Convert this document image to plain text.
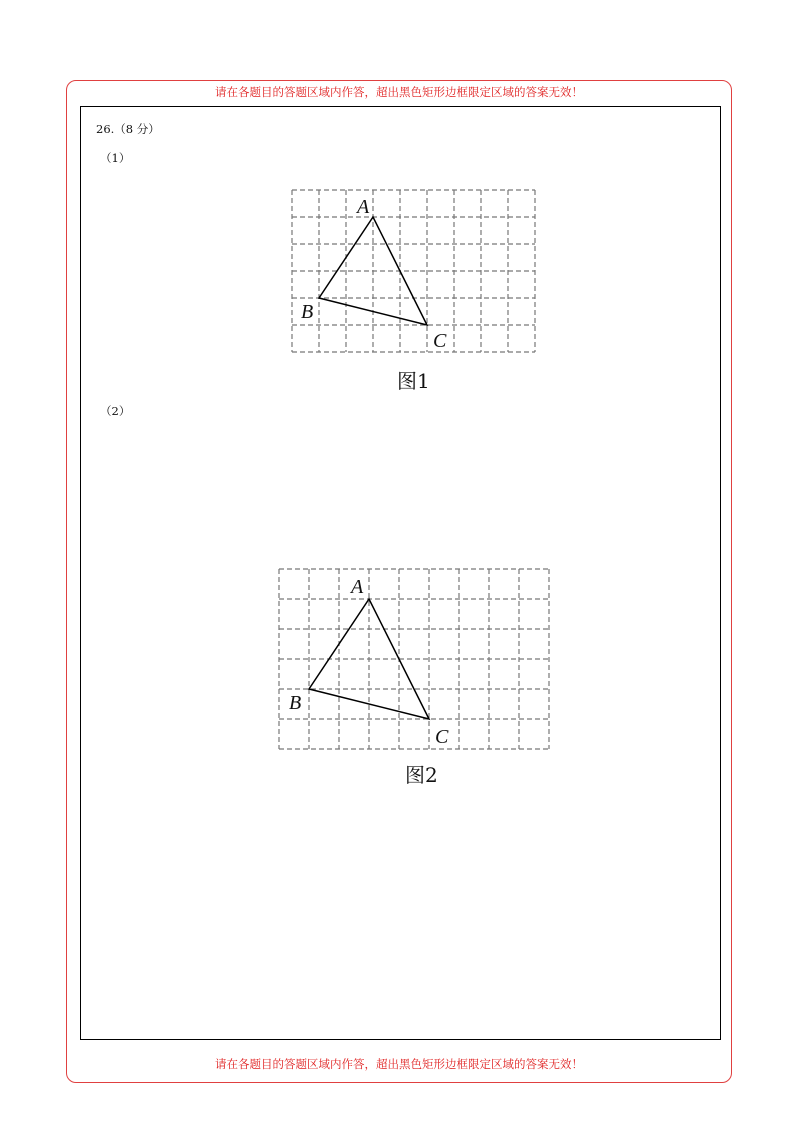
请在各题目的答题区域内作答，超出黑色矩形边框限定区域的答案无效！
26.（8 分）
（1）
A
B
C
图1
（2）
A
B
C
图2
请在各题目的答题区域内作答，超出黑色矩形边框限定区域的答案无效！
